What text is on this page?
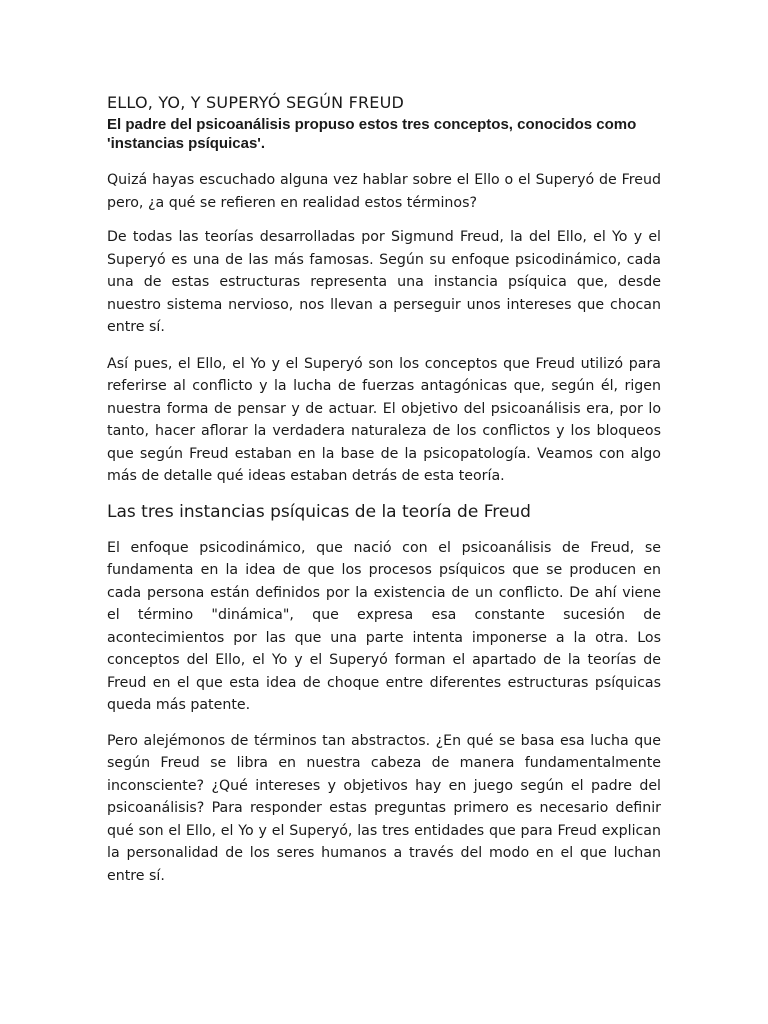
ELLO, YO, Y SUPERYÓ SEGÚN FREUD

El padre del psicoanálisis propuso estos tres conceptos, conocidos como 'instancias psíquicas'.

Quizá hayas escuchado alguna vez hablar sobre el Ello o el Superyó de Freud pero, ¿a qué se refieren en realidad estos términos?

De todas las teorías desarrolladas por Sigmund Freud, la del Ello, el Yo y el Superyó es una de las más famosas. Según su enfoque psicodinámico, cada una de estas estructuras representa una instancia psíquica que, desde nuestro sistema nervioso, nos llevan a perseguir unos intereses que chocan entre sí.

Así pues, el Ello, el Yo y el Superyó son los conceptos que Freud utilizó para referirse al conflicto y la lucha de fuerzas antagónicas que, según él, rigen nuestra forma de pensar y de actuar. El objetivo del psicoanálisis era, por lo tanto, hacer aflorar la verdadera naturaleza de los conflictos y los bloqueos que según Freud estaban en la base de la psicopatología. Veamos con algo más de detalle qué ideas estaban detrás de esta teoría.

Las tres instancias psíquicas de la teoría de Freud

El enfoque psicodinámico, que nació con el psicoanálisis de Freud, se fundamenta en la idea de que los procesos psíquicos que se producen en cada persona están definidos por la existencia de un conflicto. De ahí viene el término "dinámica", que expresa esa constante sucesión de acontecimientos por las que una parte intenta imponerse a la otra. Los conceptos del Ello, el Yo y el Superyó forman el apartado de la teorías de Freud en el que esta idea de choque entre diferentes estructuras psíquicas queda más patente.

Pero alejémonos de términos tan abstractos. ¿En qué se basa esa lucha que según Freud se libra en nuestra cabeza de manera fundamentalmente inconsciente? ¿Qué intereses y objetivos hay en juego según el padre del psicoanálisis? Para responder estas preguntas primero es necesario definir qué son el Ello, el Yo y el Superyó, las tres entidades que para Freud explican la personalidad de los seres humanos a través del modo en el que luchan entre sí.
